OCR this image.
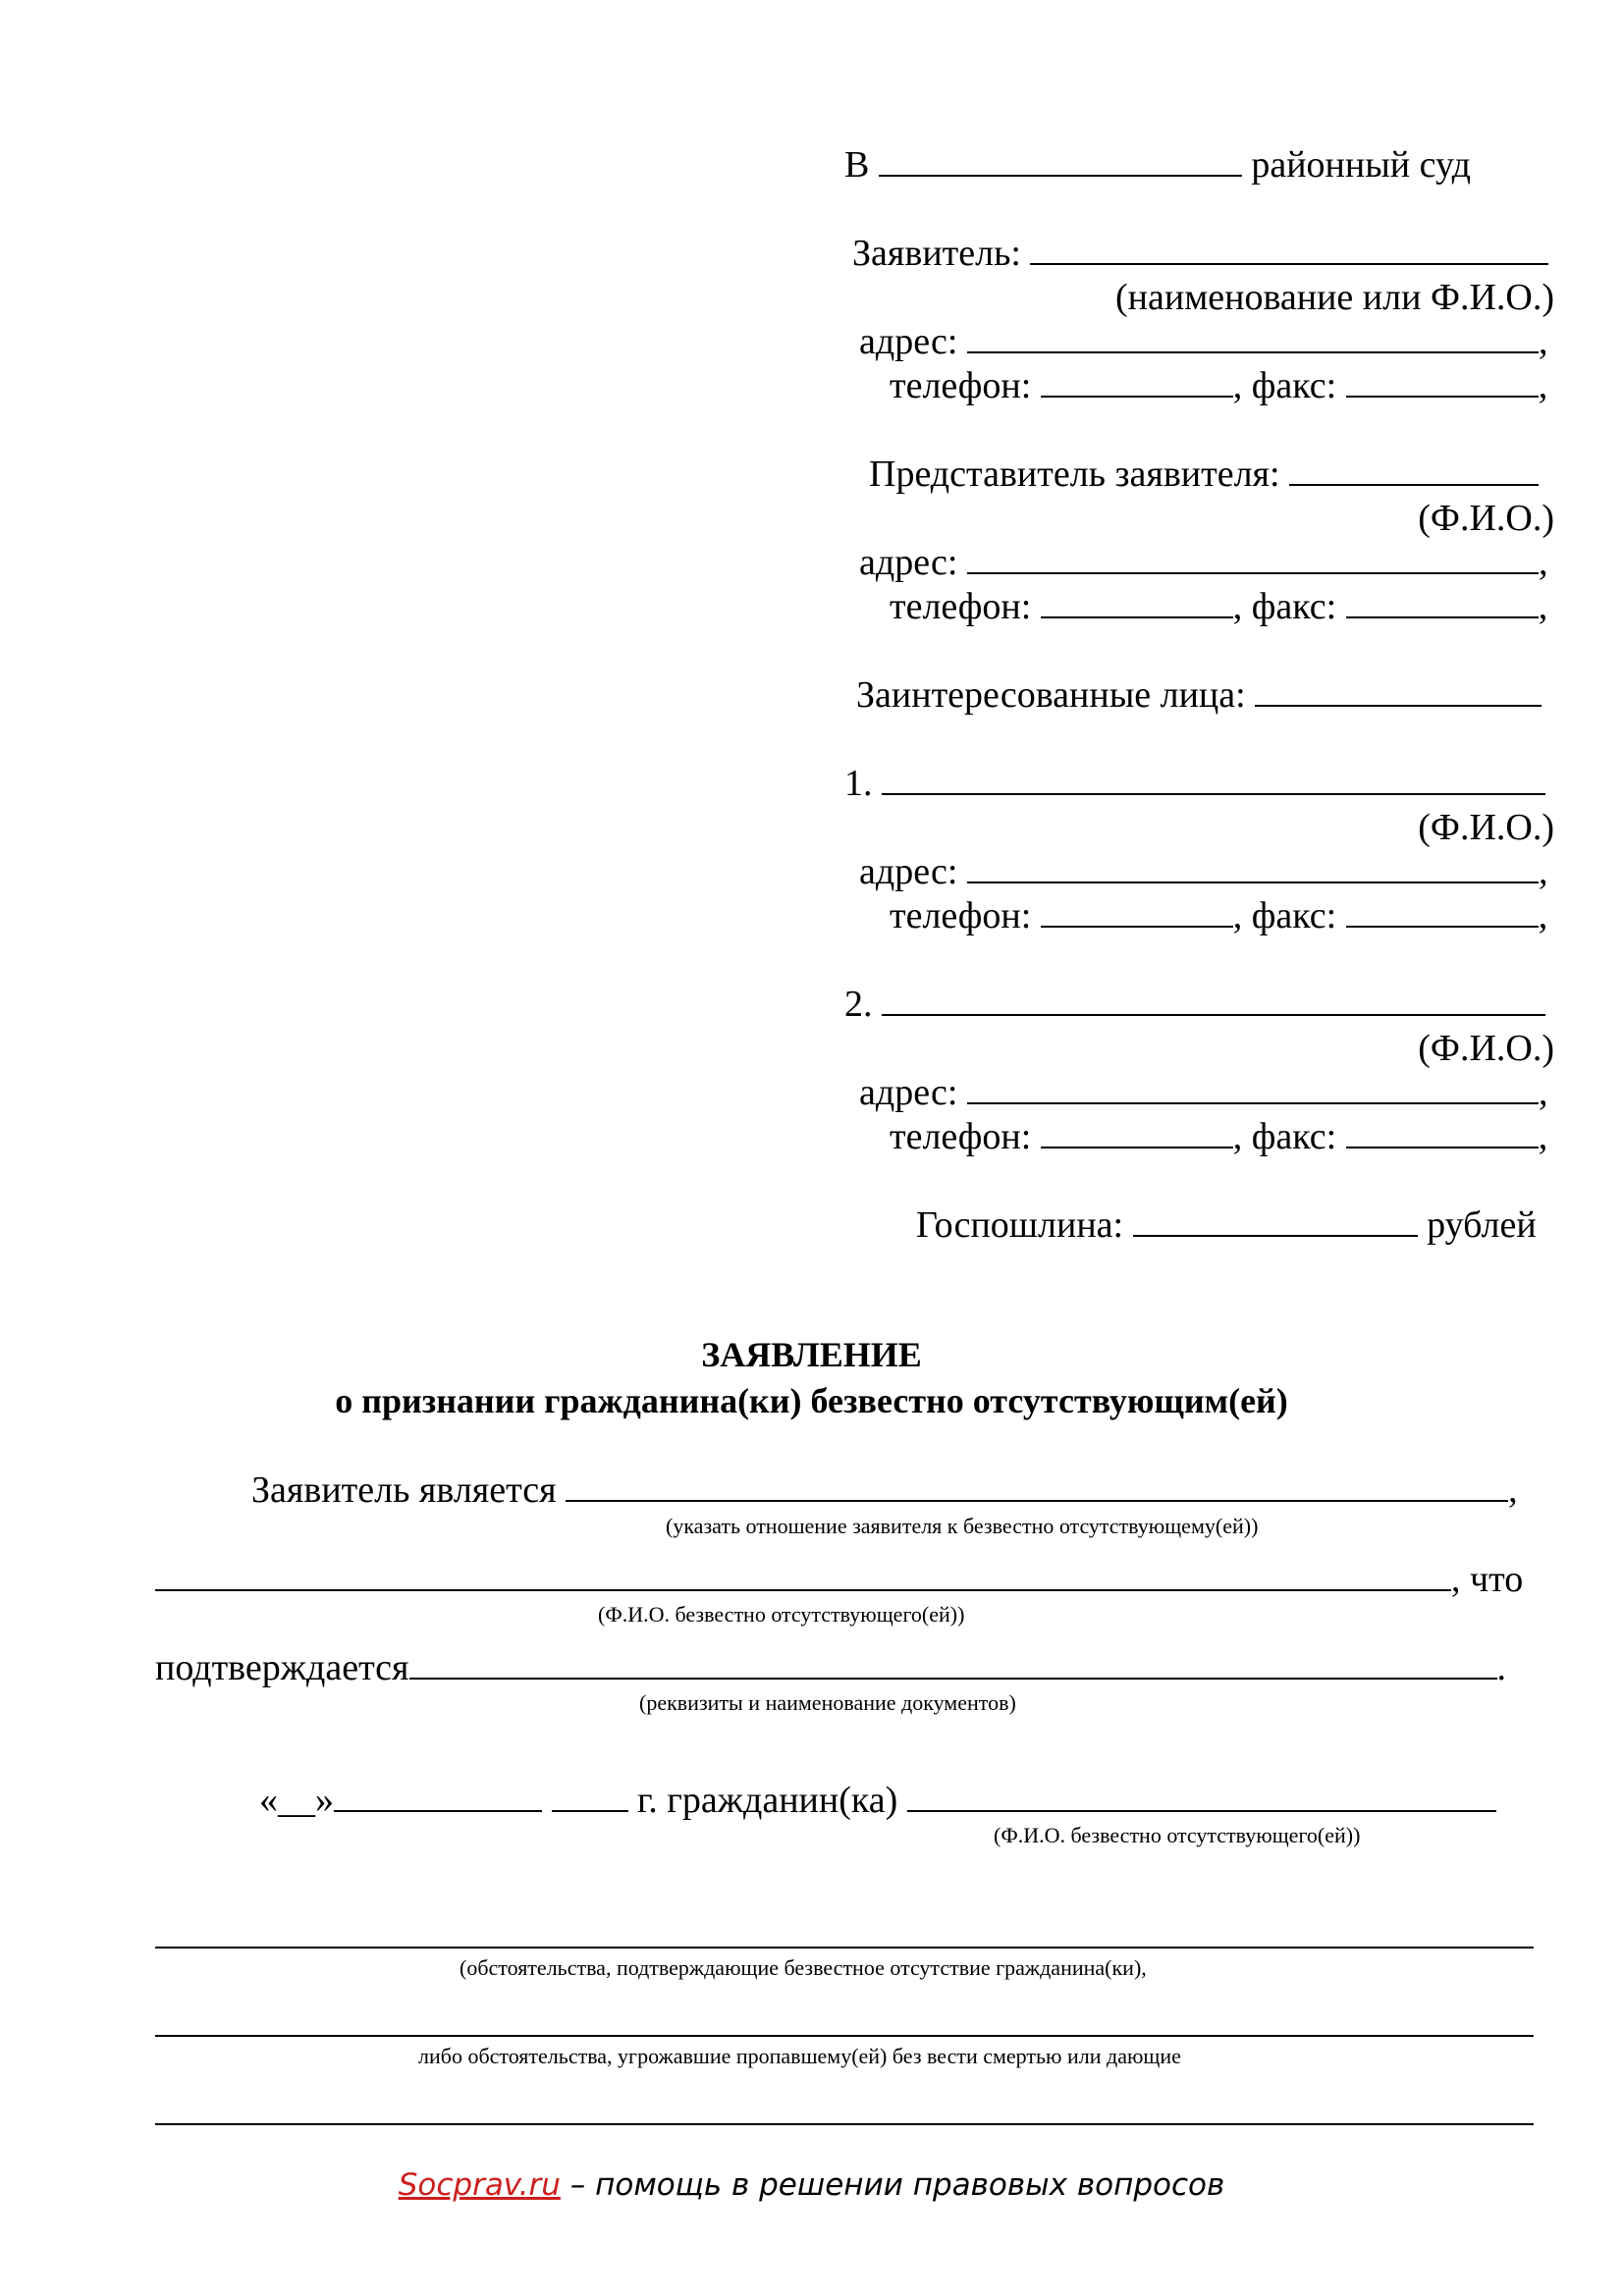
В	районный суд
Заявитель:
(наименование или Ф.И.О.)
адрес:	,
телефон:	, факс:	,
Представитель заявителя:
(Ф.И.О.)
адрес:	,
телефон:	, факс:	,
Заинтересованные лица:
1.
(Ф.И.О.)
адрес:	,
телефон:	, факс:	,
2.
(Ф.И.О.)
адрес:	,
телефон:	, факс:	,
Госпошлина:	рублей
ЗАЯВЛЕНИЕ
о признании гражданина(ки) безвестно отсутствующим(ей)
Заявитель является	,
(указать отношение заявителя к безвестно отсутствующему(ей))
, что
(Ф.И.О. безвестно отсутствующего(ей))
подтверждается	.
(реквизиты и наименование документов)
«__»	г. гражданин(ка)
(Ф.И.О. безвестно отсутствующего(ей))
(обстоятельства, подтверждающие безвестное отсутствие гражданина(ки),
либо обстоятельства, угрожавшие пропавшему(ей) без вести смертью или дающие
Socprav.ru – помощь в решении правовых вопросов
